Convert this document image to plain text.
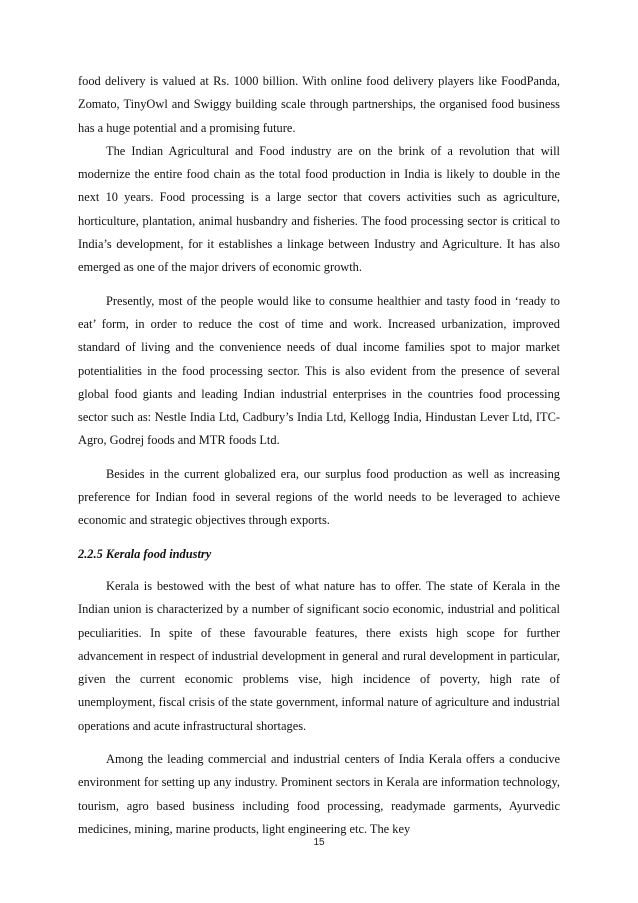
food delivery is valued at Rs. 1000 billion. With online food delivery players like FoodPanda, Zomato, TinyOwl and Swiggy building scale through partnerships, the organised food business has a huge potential and a promising future.

The Indian Agricultural and Food industry are on the brink of a revolution that will modernize the entire food chain as the total food production in India is likely to double in the next 10 years. Food processing is a large sector that covers activities such as agriculture, horticulture, plantation, animal husbandry and fisheries. The food processing sector is critical to India’s development, for it establishes a linkage between Industry and Agriculture. It has also emerged as one of the major drivers of economic growth.

Presently, most of the people would like to consume healthier and tasty food in ‘ready to eat’ form, in order to reduce the cost of time and work. Increased urbanization, improved standard of living and the convenience needs of dual income families spot to major market potentialities in the food processing sector. This is also evident from the presence of several global food giants and leading Indian industrial enterprises in the countries food processing sector such as: Nestle India Ltd, Cadbury’s India Ltd, Kellogg India, Hindustan Lever Ltd, ITC-Agro, Godrej foods and MTR foods Ltd.

Besides in the current globalized era, our surplus food production as well as increasing preference for Indian food in several regions of the world needs to be leveraged to achieve economic and strategic objectives through exports.

2.2.5 Kerala food industry

Kerala is bestowed with the best of what nature has to offer. The state of Kerala in the Indian union is characterized by a number of significant socio economic, industrial and political peculiarities. In spite of these favourable features, there exists high scope for further advancement in respect of industrial development in general and rural development in particular, given the current economic problems vise, high incidence of poverty, high rate of unemployment, fiscal crisis of the state government, informal nature of agriculture and industrial operations and acute infrastructural shortages.

Among the leading commercial and industrial centers of India Kerala offers a conducive environment for setting up any industry. Prominent sectors in Kerala are information technology, tourism, agro based business including food processing, readymade garments, Ayurvedic medicines, mining, marine products, light engineering etc. The key

15
